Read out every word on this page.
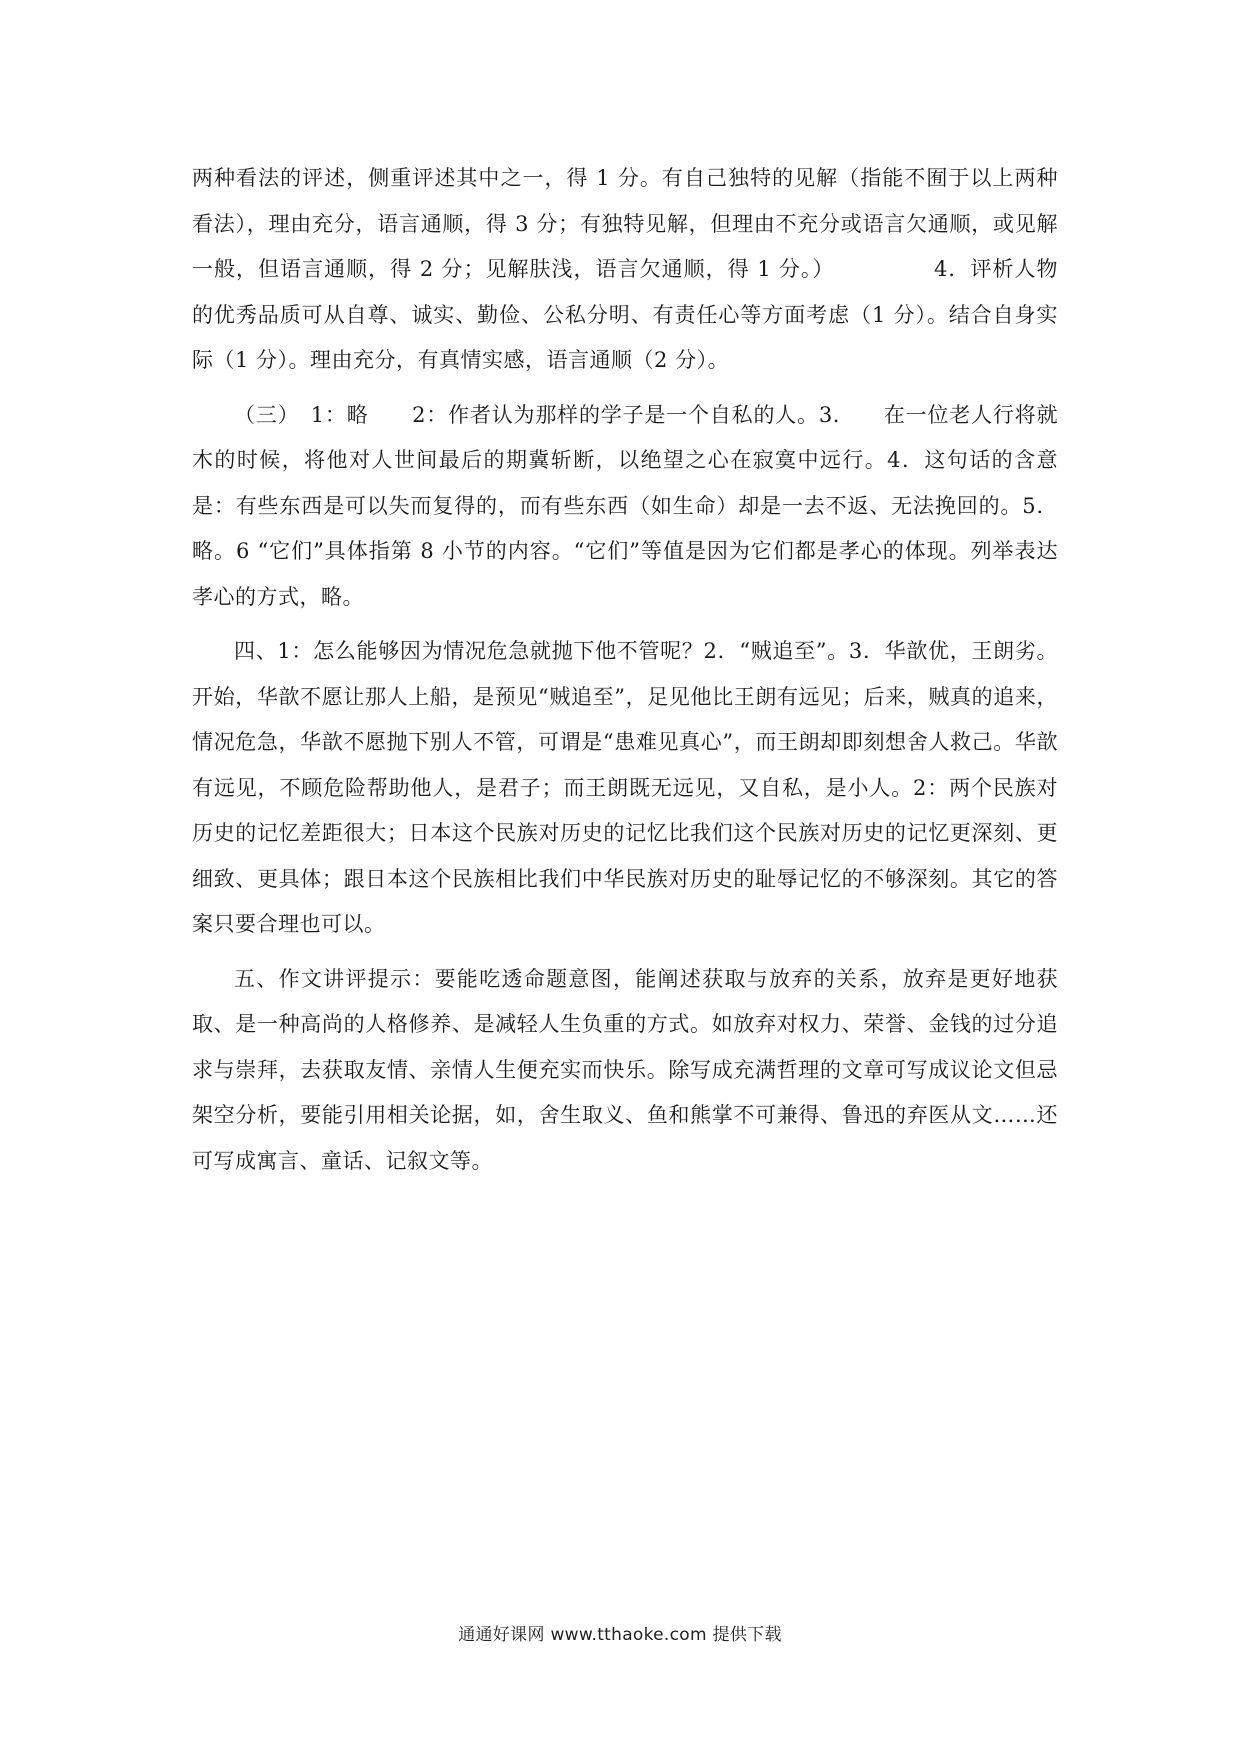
两种看法的评述，侧重评述其中之一，得 1 分。有自己独特的见解（指能不囿于以上两种看法），理由充分，语言通顺，得 3 分；有独特见解，但理由不充分或语言欠通顺，或见解一般，但语言通顺，得 2 分；见解肤浅，语言欠通顺，得 1 分。）　　　　　4．评析人物的优秀品质可从自尊、诚实、勤俭、公私分明、有责任心等方面考虑（1 分）。结合自身实际（1 分）。理由充分，有真情实感，语言通顺（2 分）。

（三）　1：略　　2：作者认为那样的学子是一个自私的人。3.　　在一位老人行将就木的时候，将他对人世间最后的期冀斩断，以绝望之心在寂寞中远行。4．这句话的含意是：有些东西是可以失而复得的，而有些东西（如生命）却是一去不返、无法挽回的。5．略。6 “它们”具体指第 8 小节的内容。“它们”等值是因为它们都是孝心的体现。列举表达孝心的方式，略。

四、1：怎么能够因为情况危急就抛下他不管呢？2．“贼追至”。3．华歆优，王朗劣。开始，华歆不愿让那人上船，是预见“贼追至”，足见他比王朗有远见；后来，贼真的追来，情况危急，华歆不愿抛下别人不管，可谓是“患难见真心”，而王朗却即刻想舍人救己。华歆有远见，不顾危险帮助他人，是君子；而王朗既无远见，又自私，是小人。2：两个民族对历史的记忆差距很大；日本这个民族对历史的记忆比我们这个民族对历史的记忆更深刻、更细致、更具体；跟日本这个民族相比我们中华民族对历史的耻辱记忆的不够深刻。其它的答案只要合理也可以。

五、作文讲评提示：要能吃透命题意图，能阐述获取与放弃的关系，放弃是更好地获取、是一种高尚的人格修养、是减轻人生负重的方式。如放弃对权力、荣誉、金钱的过分追求与崇拜，去获取友情、亲情人生便充实而快乐。除写成充满哲理的文章可写成议论文但忌架空分析，要能引用相关论据，如，舍生取义、鱼和熊掌不可兼得、鲁迅的弃医从文……还可写成寓言、童话、记叙文等。

通通好课网 www.tthaoke.com 提供下载
